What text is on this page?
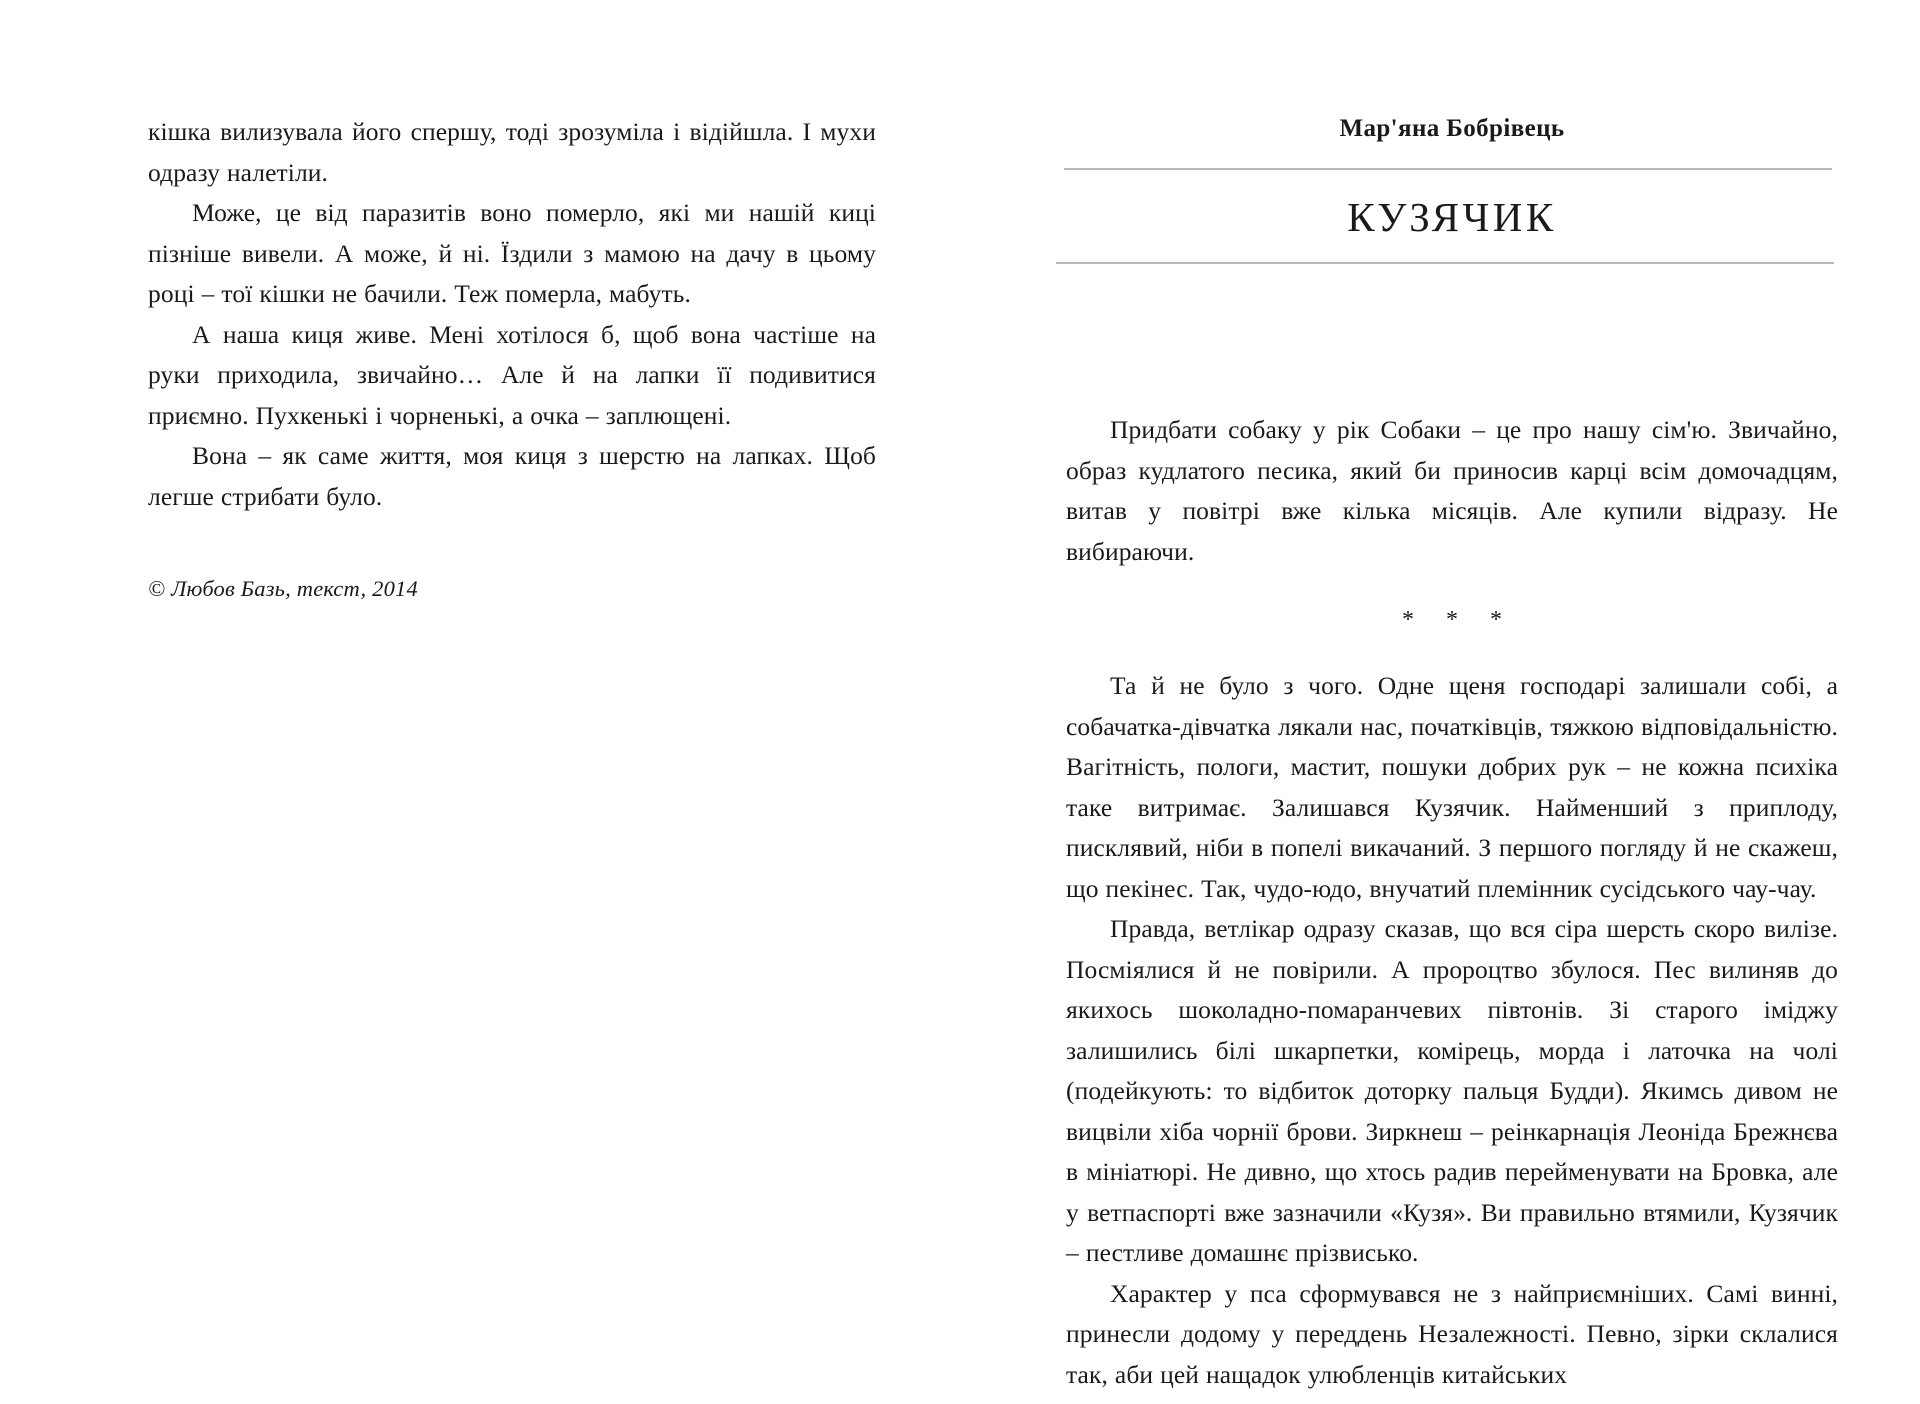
кішка вилизувала його спершу, тоді зрозуміла і відійшла. І мухи одразу налетіли.

Може, це від паразитів воно померло, які ми нашій киці пізніше вивели. А може, й ні. Їздили з мамою на дачу в цьому році – тої кішки не бачили. Теж померла, мабуть.

А наша киця живе. Мені хотілося б, щоб вона частіше на руки приходила, звичайно… Але й на лапки її подивитися приємно. Пухкенькі і чорненькі, а очка – заплющені.

Вона – як саме життя, моя киця з шерстю на лапках. Щоб легше стрибати було.

© Любов Базь, текст, 2014

Мар'яна Бобрівець
КУЗЯЧИК

Придбати собаку у рік Собаки – це про нашу сім'ю. Звичайно, образ кудлатого песика, який би приносив карці всім домочадцям, витав у повітрі вже кілька місяців. Але купили відразу. Не вибираючи.

* * *

Та й не було з чого. Одне щеня господарі залишали собі, а собачатка-дівчатка лякали нас, початківців, тяжкою відповідальністю. Вагітність, пологи, мастит, пошуки добрих рук – не кожна психіка таке витримає. Залишався Кузячик. Найменший з приплоду, писклявий, ніби в попелі викачаний. З першого погляду й не скажеш, що пекінес. Так, чудо-юдо, внучатий племінник сусідського чау-чау.

Правда, ветлікар одразу сказав, що вся сіра шерсть скоро вилізе. Посміялися й не повірили. А пророцтво збулося. Пес вилиняв до якихось шоколадно-помаранчевих півтонів. Зі старого іміджу залишились білі шкарпетки, комірець, морда і латочка на чолі (подейкують: то відбиток доторку пальця Будди). Якимсь дивом не вицвіли хіба чорнії брови. Зиркнеш – реінкарнація Леоніда Брежнєва в мініатюрі. Не дивно, що хтось радив перейменувати на Бровка, але у ветпаспорті вже зазначили «Кузя». Ви правильно втямили, Кузячик – пестливе домашнє прізвисько.

Характер у пса сформувався не з найприємніших. Самі винні, принесли додому у переддень Незалежності. Певно, зірки склалися так, аби цей нащадок улюбленців китайських
